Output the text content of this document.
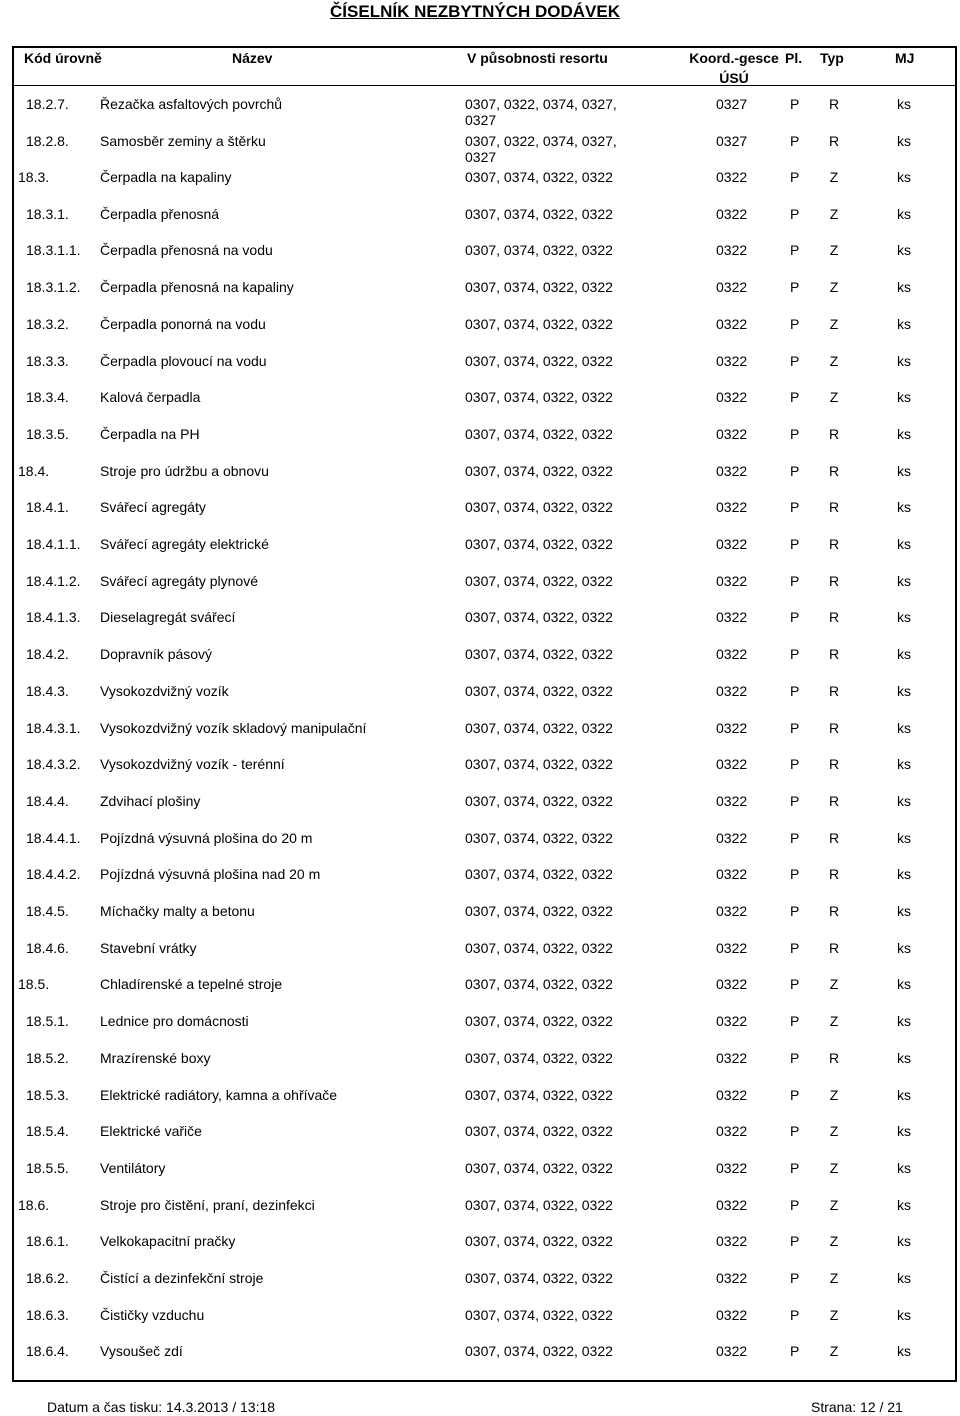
ČÍSELNÍK NEZBYTNÝCH DODÁVEK
Kód úrovně	Název	V působnosti resortu	Koord.-gesce
ÚSÚ
Pl. Typ	MJ
18.2.7. Řezačka asfaltových povrchů	0307, 0322, 0374, 0327, 0327
0327	P R	ks
18.2.8. Samosběr zeminy a štěrku	0307, 0322, 0374, 0327, 0327
0327	P R	ks
18.3.	Čerpadla na kapaliny	0307, 0374, 0322, 0322	0322	P Z	ks
18.3.1. Čerpadla přenosná	0307, 0374, 0322, 0322	0322	P Z	ks
18.3.1.1. Čerpadla přenosná na vodu	0307, 0374, 0322, 0322	0322	P Z	ks
18.3.1.2. Čerpadla přenosná na kapaliny	0307, 0374, 0322, 0322	0322	P Z	ks
18.3.2. Čerpadla ponorná na vodu	0307, 0374, 0322, 0322	0322	P Z	ks
18.3.3. Čerpadla plovoucí na vodu	0307, 0374, 0322, 0322	0322	P Z	ks
18.3.4. Kalová čerpadla	0307, 0374, 0322, 0322	0322	P Z	ks
18.3.5. Čerpadla na PH	0307, 0374, 0322, 0322	0322	P R	ks
18.4.	Stroje pro údržbu a obnovu	0307, 0374, 0322, 0322	0322	P R	ks
18.4.1. Svářecí agregáty	0307, 0374, 0322, 0322	0322	P R	ks
18.4.1.1. Svářecí agregáty elektrické	0307, 0374, 0322, 0322	0322	P R	ks
18.4.1.2. Svářecí agregáty plynové	0307, 0374, 0322, 0322	0322	P R	ks
18.4.1.3. Dieselagregát svářecí	0307, 0374, 0322, 0322	0322	P R	ks
18.4.2. Dopravník pásový	0307, 0374, 0322, 0322	0322	P R	ks
18.4.3. Vysokozdvižný vozík	0307, 0374, 0322, 0322	0322	P R	ks
18.4.3.1. Vysokozdvižný vozík skladový manipulační	0307, 0374, 0322, 0322	0322	P R	ks
18.4.3.2. Vysokozdvižný vozík - terénní	0307, 0374, 0322, 0322	0322	P R	ks
18.4.4. Zdvihací plošiny	0307, 0374, 0322, 0322	0322	P R	ks
18.4.4.1. Pojízdná výsuvná plošina do 20 m	0307, 0374, 0322, 0322	0322	P R	ks
18.4.4.2. Pojízdná výsuvná plošina nad 20 m	0307, 0374, 0322, 0322	0322	P R	ks
18.4.5. Míchačky malty a betonu	0307, 0374, 0322, 0322	0322	P R	ks
18.4.6. Stavební vrátky	0307, 0374, 0322, 0322	0322	P R	ks
18.5.	Chladírenské a tepelné stroje	0307, 0374, 0322, 0322	0322	P Z	ks
18.5.1. Lednice pro domácnosti	0307, 0374, 0322, 0322	0322	P Z	ks
18.5.2. Mrazírenské boxy	0307, 0374, 0322, 0322	0322	P R	ks
18.5.3. Elektrické radiátory, kamna a ohřívače	0307, 0374, 0322, 0322	0322	P Z	ks
18.5.4. Elektrické vařiče	0307, 0374, 0322, 0322	0322	P Z	ks
18.5.5. Ventilátory	0307, 0374, 0322, 0322	0322	P Z	ks
18.6.	Stroje pro čistění, praní, dezinfekci	0307, 0374, 0322, 0322	0322	P Z	ks
18.6.1. Velkokapacitní pračky	0307, 0374, 0322, 0322	0322	P Z	ks
18.6.2. Čistící a dezinfekční stroje	0307, 0374, 0322, 0322	0322	P Z	ks
18.6.3. Čističky vzduchu	0307, 0374, 0322, 0322	0322	P Z	ks
18.6.4. Vysoušeč zdí	0307, 0374, 0322, 0322	0322	P Z	ks
Datum a čas tisku: 14.3.2013 / 13:18	Strana: 12 / 21
